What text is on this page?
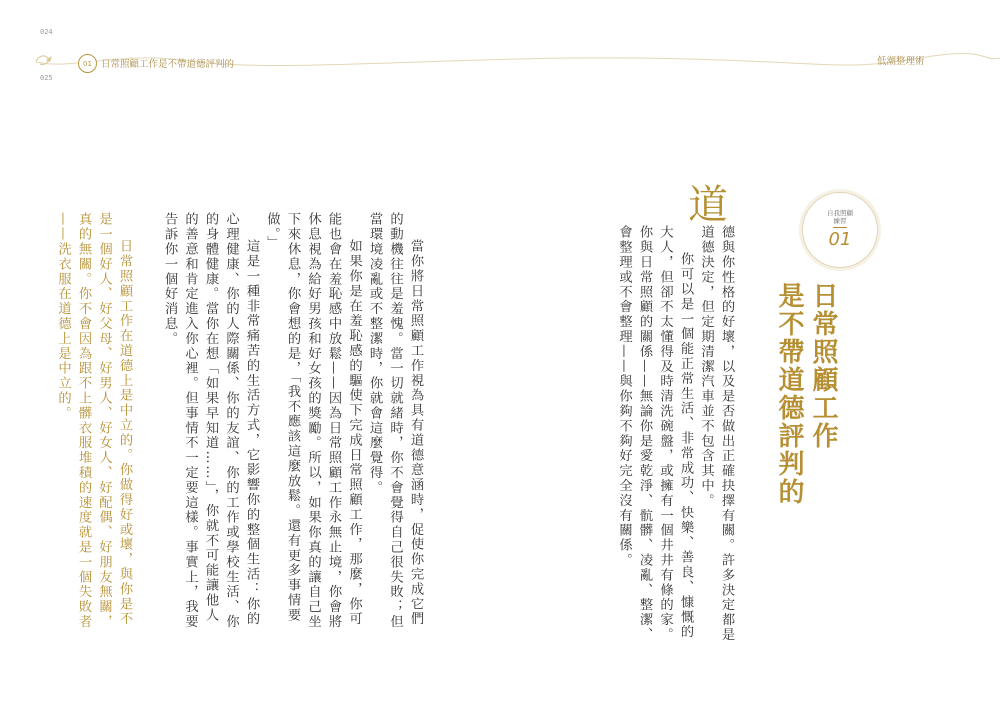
024
025
01 日常照顧工作是不帶道德評判的	低潮整理術
自我照顧
練習
01
日常照顧工作
是不帶道德評判的
道

德與你性格的好壞，以及是否做出正確抉擇有關。許多決定都是道德決定，但定期清潔汽車並不包含其中。

你可以是一個能正常生活、非常成功、快樂、善良、慷慨的大人，但卻不太懂得及時清洗碗盤，或擁有一個井井有條的家。你與日常照顧的關係——無論你是愛乾淨、骯髒、凌亂、整潔、會整理或不會整理——與你夠不夠好完全沒有關係。

當你將日常照顧工作視為具有道德意涵時，促使你完成它們的動機往往是羞愧。當一切就緒時，你不會覺得自己很失敗；但當環境凌亂或不整潔時，你就會這麼覺得。

如果你是在羞恥感的驅使下完成日常照顧工作，那麼，你可能也會在羞恥感中放鬆——因為日常照顧工作永無止境，你會將休息視為給好男孩和好女孩的獎勵。所以，如果你真的讓自己坐下來休息，你會想的是，「我不應該這麼放鬆。還有更多事情要做。」

這是一種非常痛苦的生活方式，它影響你的整個生活：你的心理健康、你的人際關係、你的友誼、你的工作或學校生活、你的身體健康。當你在想「如果早知道……」，你就不可能讓他人的善意和肯定進入你心裡。但事情不一定要這樣。事實上，我要告訴你一個好消息。

日常照顧工作在道德上是中立的。你做得好或壞，與你是不是一個好人、好父母、好男人、好女人、好配偶、好朋友無關，真的無關。你不會因為跟不上髒衣服堆積的速度就是一個失敗者——洗衣服在道德上是中立的。
